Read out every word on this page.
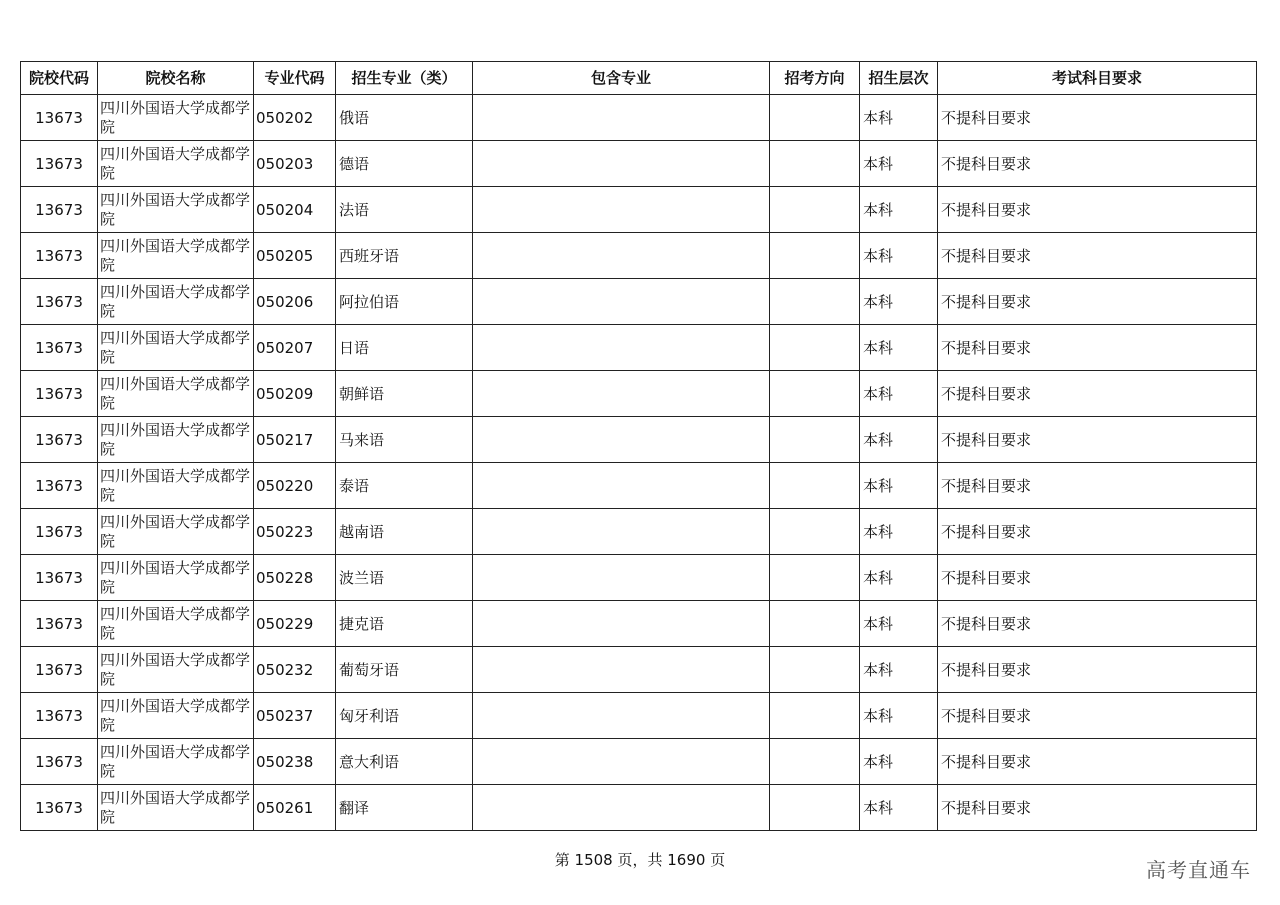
院校代码	院校名称	专业代码	招生专业（类）	包含专业	招考方向	招生层次	考试科目要求
13673	四川外国语大学成都学院	050202	俄语			本科	不提科目要求
13673	四川外国语大学成都学院	050203	德语			本科	不提科目要求
13673	四川外国语大学成都学院	050204	法语			本科	不提科目要求
13673	四川外国语大学成都学院	050205	西班牙语			本科	不提科目要求
13673	四川外国语大学成都学院	050206	阿拉伯语			本科	不提科目要求
13673	四川外国语大学成都学院	050207	日语			本科	不提科目要求
13673	四川外国语大学成都学院	050209	朝鲜语			本科	不提科目要求
13673	四川外国语大学成都学院	050217	马来语			本科	不提科目要求
13673	四川外国语大学成都学院	050220	泰语			本科	不提科目要求
13673	四川外国语大学成都学院	050223	越南语			本科	不提科目要求
13673	四川外国语大学成都学院	050228	波兰语			本科	不提科目要求
13673	四川外国语大学成都学院	050229	捷克语			本科	不提科目要求
13673	四川外国语大学成都学院	050232	葡萄牙语			本科	不提科目要求
13673	四川外国语大学成都学院	050237	匈牙利语			本科	不提科目要求
13673	四川外国语大学成都学院	050238	意大利语			本科	不提科目要求
13673	四川外国语大学成都学院	050261	翻译			本科	不提科目要求
第 1508 页，共 1690 页	高考直通车
